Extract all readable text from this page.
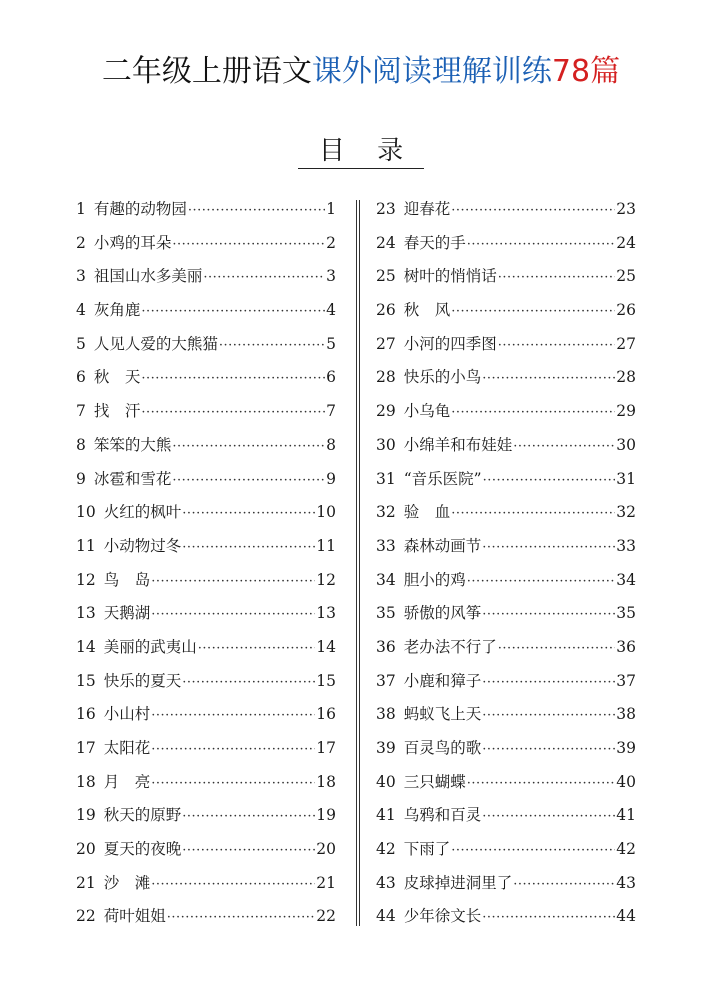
二年级上册语文课外阅读理解训练78篇
目 录
1 有趣的动物园 ·····	1
2 小鸡的耳朵 ·····	2
3 祖国山水多美丽 ·····	3
4 灰角鹿 ·····	4
5 人见人爱的大熊猫 ·····	5
6 秋　天 ·····	6
7 找　汗 ·····	7
8 笨笨的大熊 ·····	8
9 冰雹和雪花 ·····	9
10 火红的枫叶 ·····	10
11 小动物过冬 ·····	11
12 鸟　岛 ·····	12
13 天鹅湖 ·····	13
14 美丽的武夷山 ·····	14
15 快乐的夏天 ·····	15
16 小山村 ·····	16
17 太阳花 ·····	17
18 月　亮 ·····	18
19 秋天的原野 ·····	19
20 夏天的夜晚 ·····	20
21 沙　滩 ·····	21
22 荷叶姐姐 ·····	22
23 迎春花 ·····	23
24 春天的手 ·····	24
25 树叶的悄悄话 ·····	25
26 秋　风 ·····	26
27 小河的四季图 ·····	27
28 快乐的小鸟 ·····	28
29 小乌龟 ·····	29
30 小绵羊和布娃娃 ·····	30
31 “音乐医院” ·····	31
32 验　血 ·····	32
33 森林动画节 ·····	33
34 胆小的鸡 ·····	34
35 骄傲的风筝 ·····	35
36 老办法不行了 ·····	36
37 小鹿和獐子 ·····	37
38 蚂蚁飞上天 ·····	38
39 百灵鸟的歌 ·····	39
40 三只蝴蝶 ·····	40
41 乌鸦和百灵 ·····	41
42 下雨了 ·····	42
43 皮球掉进洞里了 ·····	43
44 少年徐文长 ·····	44
